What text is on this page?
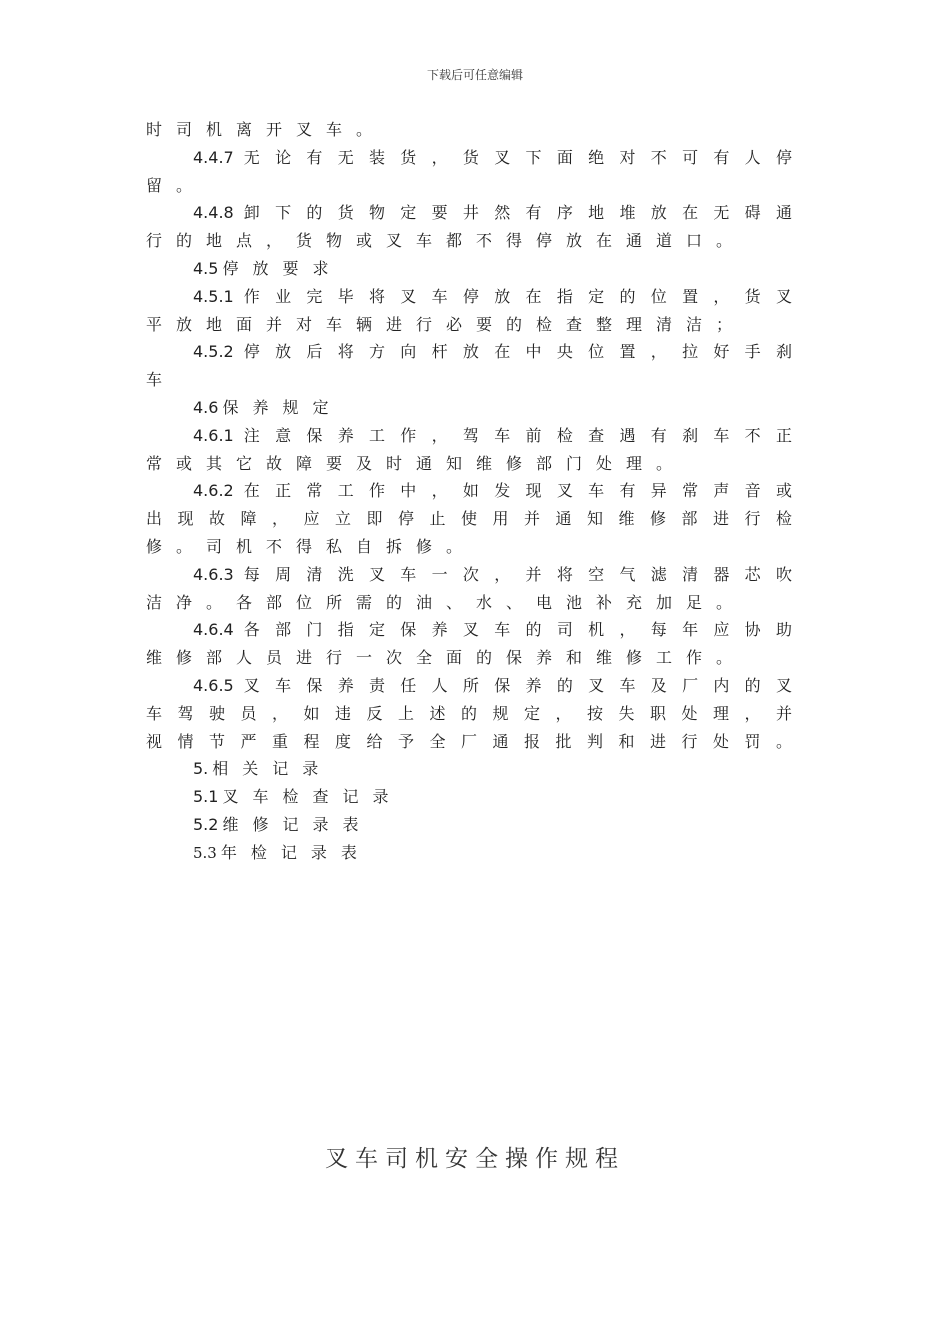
下载后可任意编辑
时司机离开叉车。
4.4.7 无 论 有 无 装 货 ， 货 叉 下 面 绝 对 不 可 有 人 停
留。
4.4.8 卸 下 的 货 物 定 要 井 然 有 序 地 堆 放 在 无 碍 通
行的地点，货物或叉车都不得停放在通道口。
4.5 停放要求
4.5.1 作 业 完 毕 将 叉 车 停 放 在 指 定 的 位 置 ， 货 叉
平放地面并对车辆进行必要的检查整理清洁；
4.5.2 停 放 后 将 方 向 杆 放 在 中 央 位 置 ， 拉 好 手 刹
车
4.6 保养规定
4.6.1 注 意 保 养 工 作 ， 驾 车 前 检 查 遇 有 刹 车 不 正
常或其它故障要及时通知维修部门处理。
4.6.2 在 正 常 工 作 中 ， 如 发 现 叉 车 有 异 常 声 音 或
出 现 故 障 ， 应 立 即 停 止 使 用 并 通 知 维 修 部 进 行 检
修。司机不得私自拆修。
4.6.3 每 周 清 洗 叉 车 一 次 ， 并 将 空 气 滤 清 器 芯 吹
洁净。各部位所需的油、水、电池补充加足。
4.6.4 各 部 门 指 定 保 养 叉 车 的 司 机 ， 每 年 应 协 助
维修部人员进行一次全面的保养和维修工作。
4.6.5 叉 车 保 养 责 任 人 所 保 养 的 叉 车 及 厂 内 的 叉
车 驾 驶 员 ， 如 违 反 上 述 的 规 定 ， 按 失 职 处 理 ， 并
视 情 节 严 重 程 度 给 予 全 厂 通 报 批 判 和 进 行 处 罚 。
5. 相关记录
5.1 叉车检查记录
5.2 维修记录表
5.3 年检记录表
叉车司机安全操作规程
